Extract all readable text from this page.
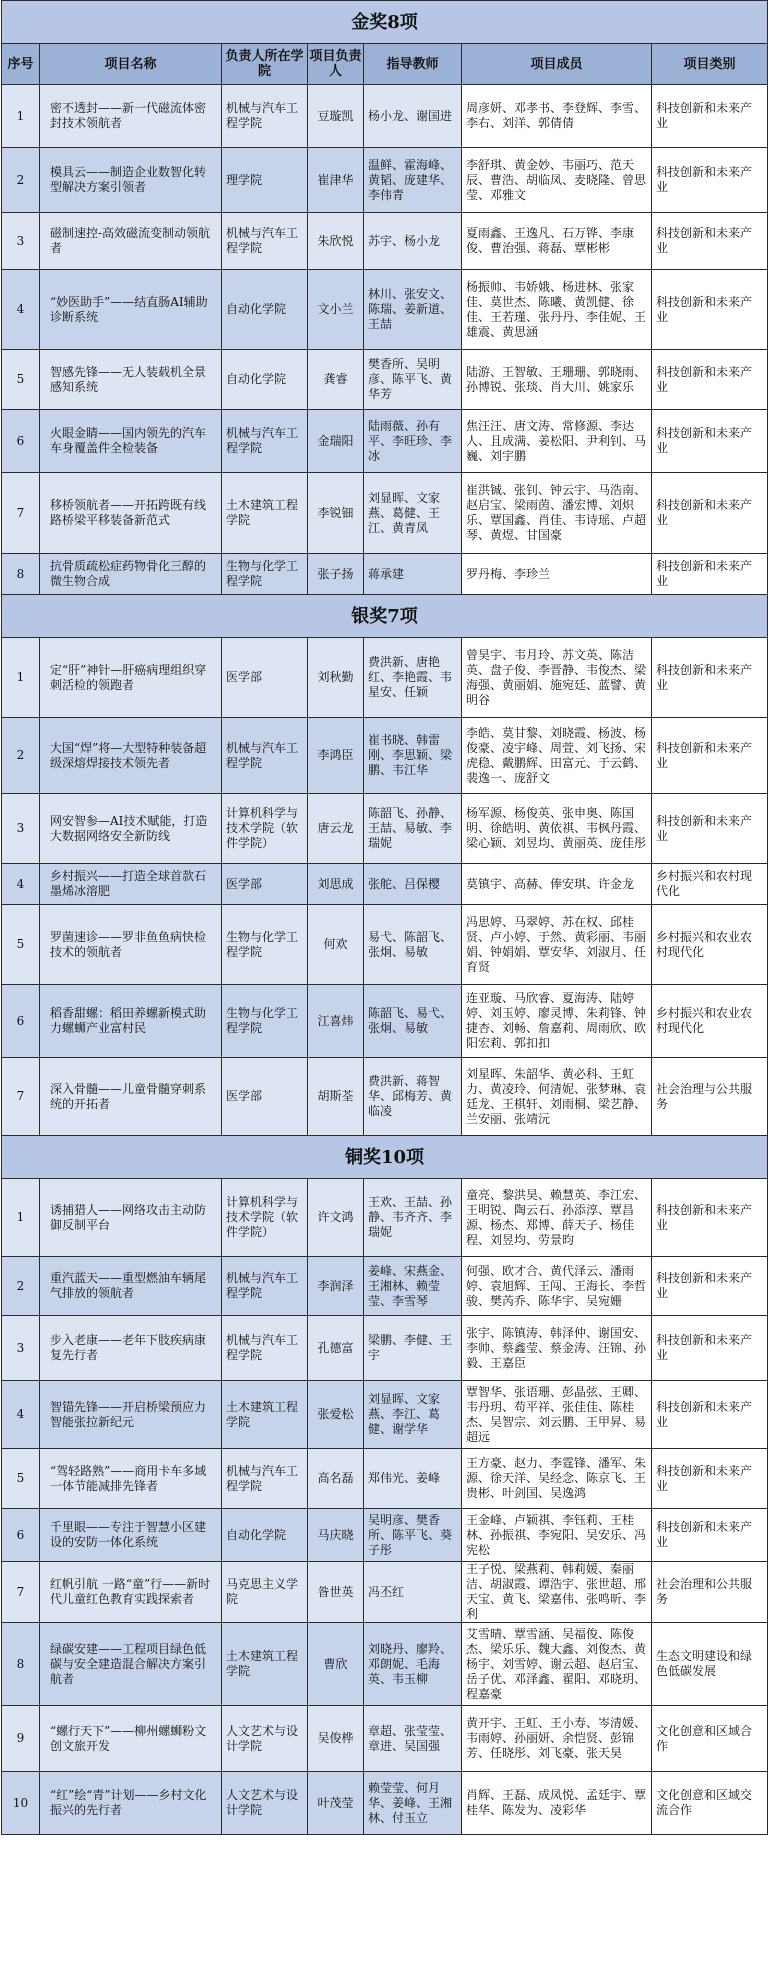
金奖8项						
序号	项目名称	负责人所在学院	项目负责人	指导教师	项目成员	项目类别
1	密不透封——新一代磁流体密封技术领航者	机械与汽车工程学院	豆璇凯	杨小龙、谢国进	周彦妍、邓孝书、李登辉、李雪、李右、刘洋、郭倩倩	科技创新和未来产业
2	模具云——制造企业数智化转型解决方案引领者	理学院	崔津华	温鲜、霍海峰、黄韬、庞建华、李伟青	李舒琪、黄金妙、韦丽巧、范天辰、曹浩、胡临凤、麦晓隆、曾思莹、邓雅文	科技创新和未来产业
3	磁制速控-高效磁流变制动领航者	机械与汽车工程学院	朱欣悦	苏宇、杨小龙	夏雨鑫、王逸凡、石万铧、李康俊、曹治强、蒋磊、覃彬彬	科技创新和未来产业
4	“妙医助手”——结直肠AI辅助诊断系统	自动化学院	文小兰	林川、张安文、陈瑞、姜新道、王喆	杨振帅、韦娇娥、杨进林、张家佳、莫世杰、陈曦、黄凯健、徐佳、王若瑾、张丹丹、李佳妮、王雄震、黄思涵	科技创新和未来产业
5	智感先锋——无人装载机全景感知系统	自动化学院	龚睿	樊香所、吴明彦、陈平飞、黄华芳	陆游、王智敏、王珊珊、郭晓雨、孙博锐、张琰、肖大川、姚家乐	科技创新和未来产业
6	火眼金睛——国内领先的汽车车身覆盖件全检装备	机械与汽车工程学院	金瑞阳	陆雨薇、孙有平、李旺珍、李冰	焦汪汪、唐文涛、常修源、李达人、且成满、姜松阳、尹利钊、马巍、刘宇鹏	科技创新和未来产业
7	移桥领航者——开拓跨既有线路桥梁平移装备新范式	土木建筑工程学院	李锐钿	刘显晖、文家燕、葛健、王江、黄青凤	崔洪铖、张钊、钟云宇、马浩南、赵启宝、梁雨茵、潘宏博、刘炽乐、覃国鑫、肖佳、韦诗瑶、卢超琴、黄煜、甘国豪	科技创新和未来产业
8	抗骨质疏松症药物骨化三醇的微生物合成	生物与化学工程学院	张子扬	蒋承建	罗丹梅、李珍兰	科技创新和未来产业
银奖7项						
1	定“肝”神针—肝癌病理组织穿刺活检的领跑者	医学部	刘秋勤	费洪新、唐艳红、李艳霞、韦星安、任颖	曾昊宇、韦月玲、苏文英、陈洁英、盘子俊、李晋静、韦俊杰、梁海强、黄丽娟、施宛廷、蓝譬、黄明谷	科技创新和未来产业
2	大国“焊”将—大型特种装备超级深熔焊接技术领先者	机械与汽车工程学院	李鸿臣	崔书晓、韩雷刚、李思颖、梁鹏、韦江华	李皓、莫甘黎、刘晓霞、杨波、杨俊豪、凌宇峰、周萱、刘飞扬、宋虎稳、戴鹏辉、田富元、于云鹤、裴逸一、庞舒文	科技创新和未来产业
3	网安智参—AI技术赋能，打造大数据网络安全新防线	计算机科学与技术学院（软件学院）	唐云龙	陈韶飞、孙静、王喆、易敏、李瑞妮	杨军源、杨俊英、张申奥、陈国明、徐皓明、黄依祺、韦枫丹霞、梁心颖、刘昱均、黄丽英、庞佳彤	科技创新和未来产业
4	乡村振兴——打造全球首款石墨烯冰溶肥	医学部	刘思成	张舵、吕保樱	莫镇宇、高赫、俸安琪、许金龙	乡村振兴和农村现代化
5	罗菌速诊——罗非鱼鱼病快检技术的领航者	生物与化学工程学院	何欢	易弋、陈韶飞、张炯、易敏	冯思婷、马翠婷、苏在权、邱桂贤、卢小婷、于然、黄彩丽、韦丽娟、钟娟娟、覃安华、刘淑月、任育贤	乡村振兴和农业农村现代化
6	稻香甜螺：稻田养螺新模式助力螺蛳产业富村民	生物与化学工程学院	江喜炜	陈韶飞、易弋、张炯、易敏	连亚璇、马欣睿、夏海涛、陆婷婷、刘玉婷、廖灵博、朱莉锋、钟捷杏、刘畅、詹嘉莉、周雨欣、欧阳宏莉、郭扣扣	乡村振兴和农业农村现代化
7	深入骨髓——儿童骨髓穿刺系统的开拓者	医学部	胡斯荃	费洪新、蒋智华、邱梅芳、黄临凌	刘星晖、朱韶华、黄必科、王虹力、黄凌玲、何清妮、张梦琳、袁廷龙、王棋轩、刘雨桐、梁艺静、兰安丽、张靖沅	社会治理与公共服务
铜奖10项						
1	诱捕猎人——网络攻击主动防御反制平台	计算机科学与技术学院（软件学院）	许文鸿	王欢、王喆、孙静、韦齐齐、李瑞妮	童亮、黎洪昊、赖慧英、李江宏、王明锐、陶云石、孙添淳、覃昌源、杨杰、郑博、薛天子、杨佳程、刘昱均、劳景昀	科技创新和未来产业
2	重汽蓝天——重型燃油车辆尾气排放的领航者	机械与汽车工程学院	李润泽	姜峰、宋燕金、王湘林、赖莹莹、李雪琴	何强、欧才合、黄代泽云、潘雨婷、袁旭辉、王闯、王海长、李哲骏、樊芮乔、陈华宇、吴宛姗	科技创新和未来产业
3	步入老康——老年下肢疾病康复先行者	机械与汽车工程学院	孔德富	梁鹏、李健、王宇	张宇、陈镇涛、韩泽仲、谢国安、李帅、蔡鑫莹、蔡金涛、汪锦、孙毅、王嘉臣	科技创新和未来产业
4	智锚先锋——开启桥梁预应力智能张拉新纪元	土木建筑工程学院	张爱松	刘显晖、文家燕、李江、葛健、谢学华	覃智华、张语珊、彭晶弦、王卿、韦丹玥、苟平祥、张佳佳、陈桂杰、吴智宗、刘云鹏、王甲昇、易超远	科技创新和未来产业
5	“驾轻路熟”——商用卡车多域一体节能减排先锋者	机械与汽车工程学院	高名磊	郑伟光、姜峰	王方豪、赵力、李霆锋、潘军、朱源、徐天洋、吴经念、陈京飞、王贵彬、叶剑国、吴逸鸿	科技创新和未来产业
6	千里眼——专注于智慧小区建设的安防一体化系统	自动化学院	马庆晓	吴明彦、樊香所、陈平飞、葵子彤	王金峰、卢颖祺、李钰莉、王桂林、孙振祺、李宛阳、吴安乐、冯宪松	科技创新和未来产业
7	红帆引航 一路“童”行——新时代儿童红色教育实践探索者	马克思主义学院	昝世英	冯丕红	王子悦、梁燕莉、韩莉媛、秦丽洁、胡淑霞、谭浩宇、张世超、邢天宝、黄飞、梁嘉伟、张鸣昕、李利	社会治理和公共服务
8	绿碳安建——工程项目绿色低碳与安全建造混合解决方案引航者	土木建筑工程学院	曹欣	刘晓丹、廖羚、邓朗妮、毛海英、韦玉柳	艾雪晴、覃雪涵、吴福俊、陈俊杰、梁乐乐、魏大鑫、刘俊杰、黄杨宇、刘雪婷、谢云超、赵启宝、岳子优、邓泽鑫、翟阳、邓晓玥、程嘉豪	生态文明建设和绿色低碳发展
9	“螺行天下”——柳州螺蛳粉文创文旅开发	人文艺术与设计学院	吴俊桦	章超、张莹莹、章进、吴国强	黄开宇、王虹、王小寿、岑清媛、韦雨婷、孙丽妍、余恺贤、彭锦芳、任晓彤、刘飞豪、张天昊	文化创意和区域合作
10	“红”绘“青”计划——乡村文化振兴的先行者	人文艺术与设计学院	叶茂莹	赖莹莹、何月华、姜峰、王湘林、付玉立	肖辉、王磊、成凤悦、孟廷宇、覃桂华、陈发为、凌彩华	文化创意和区域交流合作
